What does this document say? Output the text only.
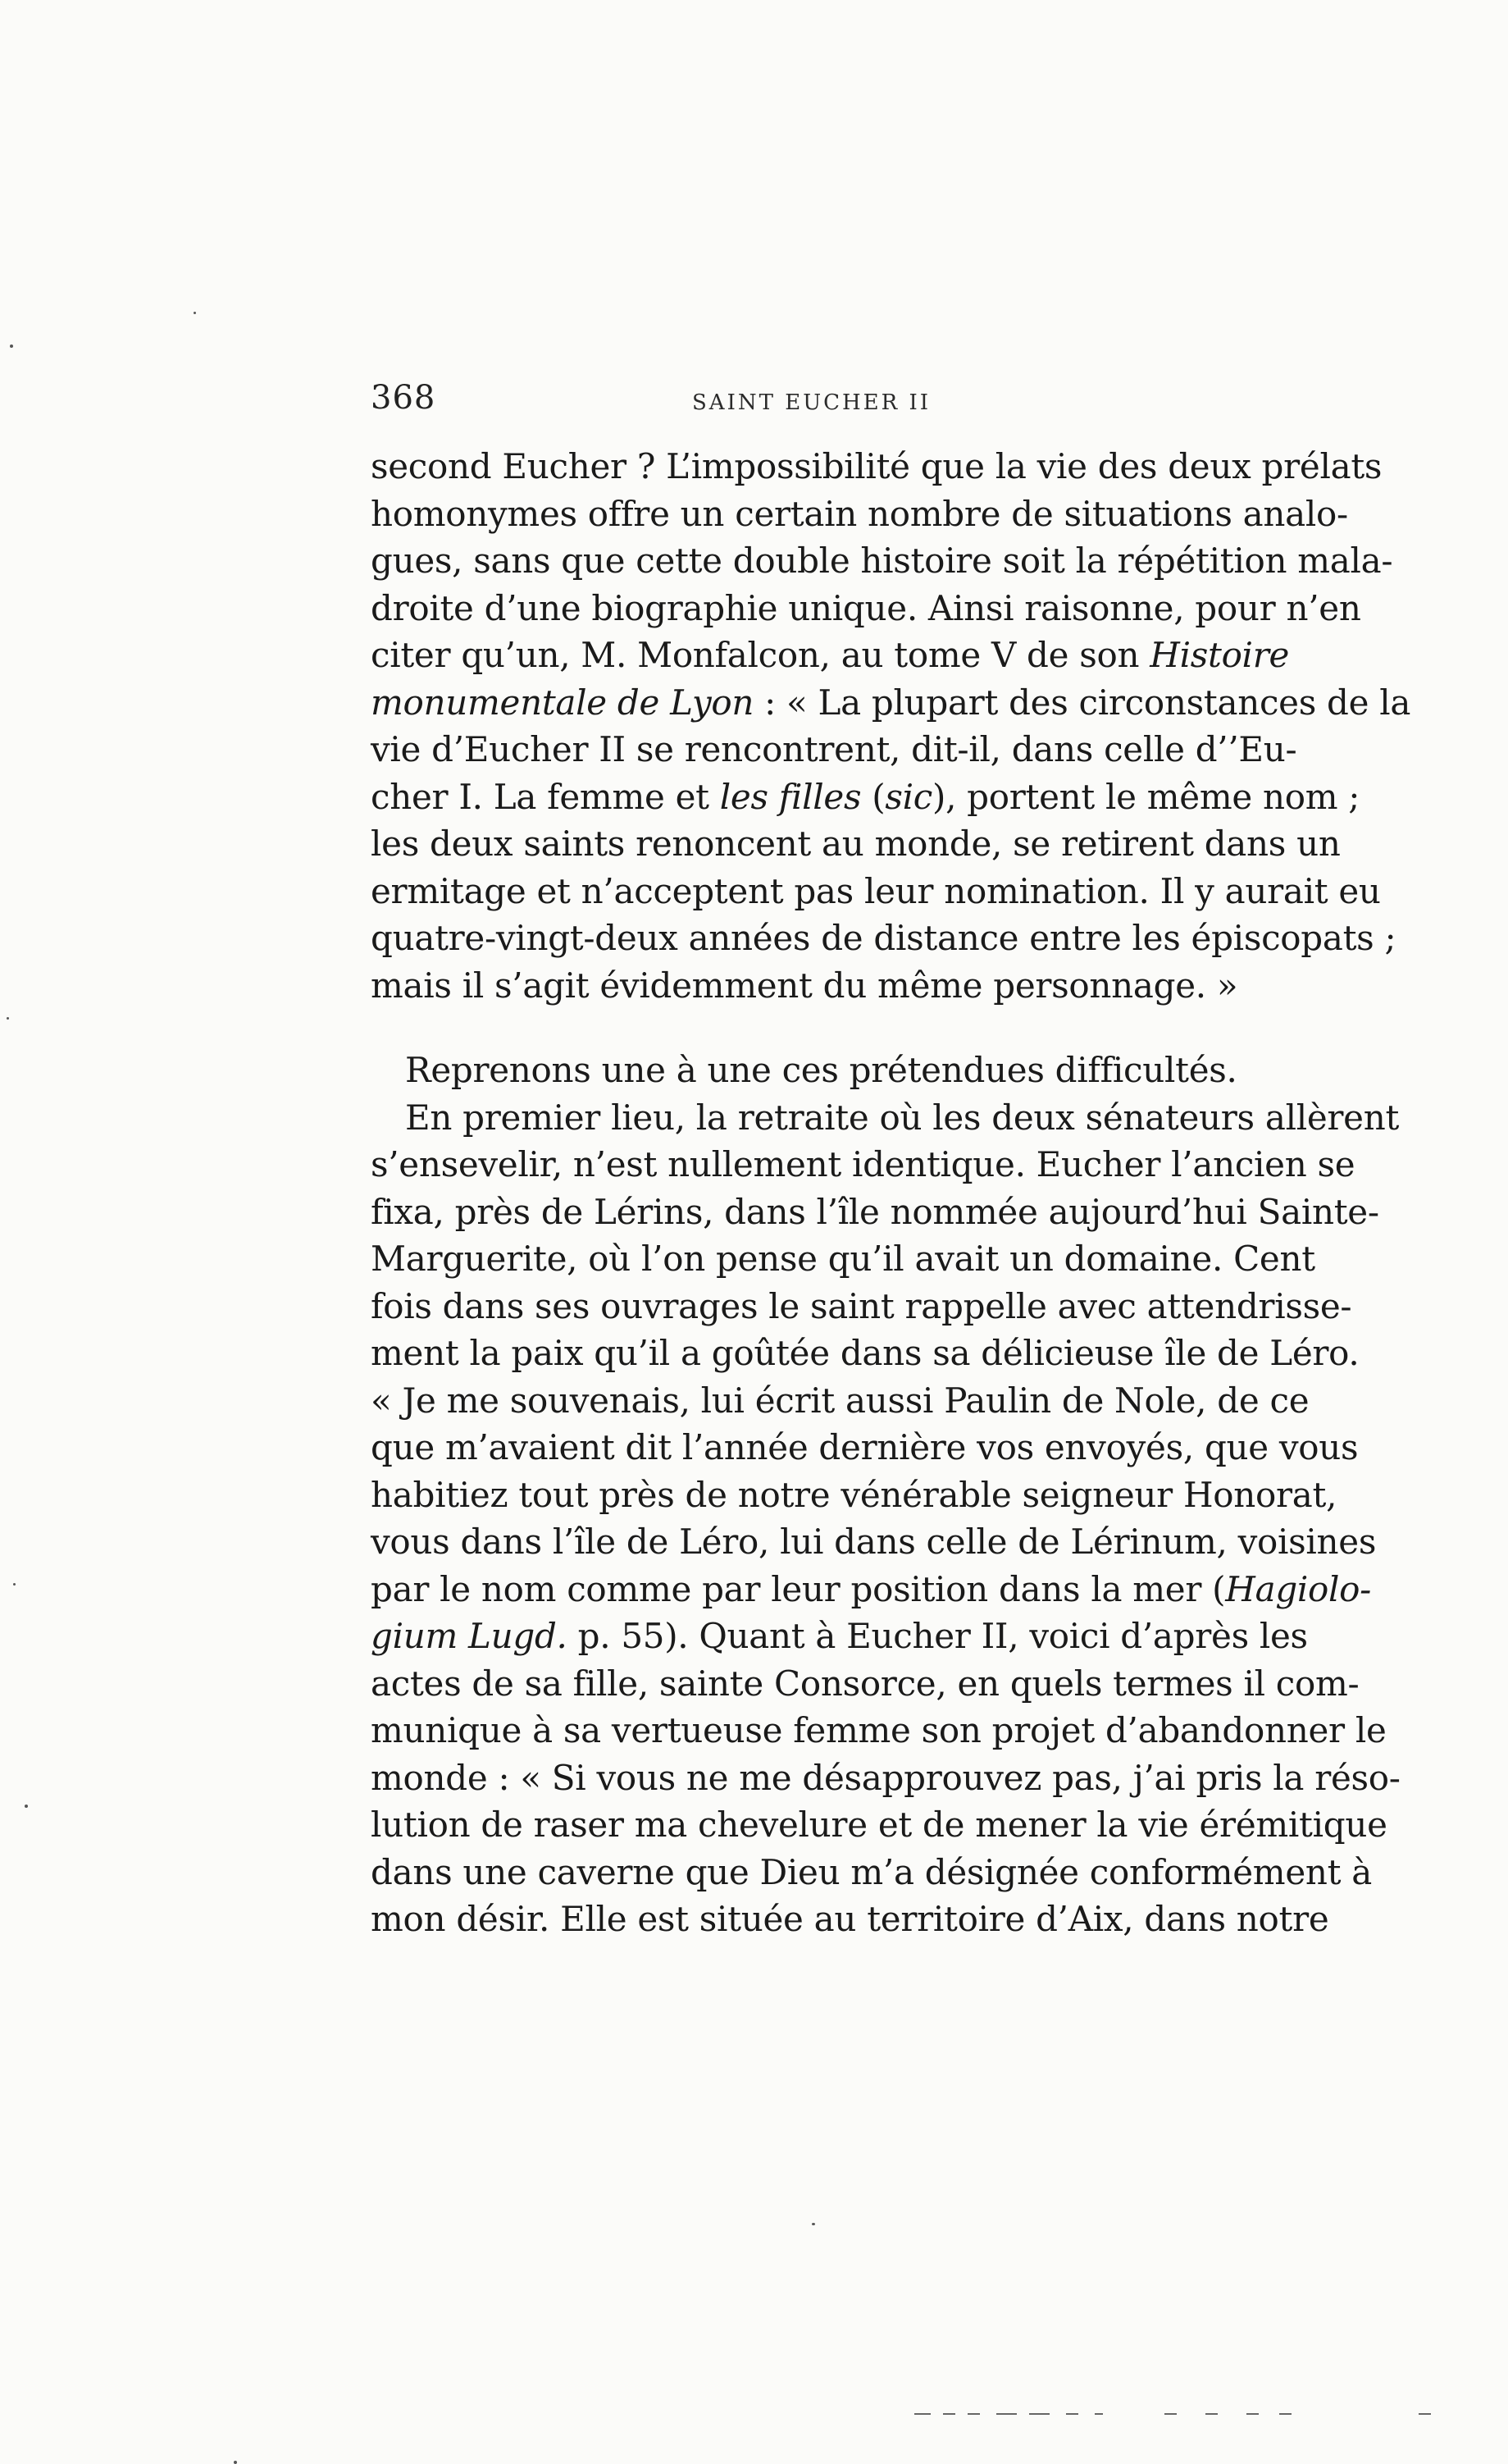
368	SAINT EUCHER II
second Eucher ? L’impossibilité que la vie des deux prélats
homonymes offre un certain nombre de situations analo-
gues, sans que cette double histoire soit la répétition mala-
droite d’une biographie unique. Ainsi raisonne, pour n’en
citer qu’un, M. Monfalcon, au tome V de son Histoire
monumentale de Lyon : « La plupart des circonstances de la
vie d’Eucher II se rencontrent, dit-il, dans celle d’’Eu-
cher I. La femme et les filles (sic), portent le même nom ;
les deux saints renoncent au monde, se retirent dans un
ermitage et n’acceptent pas leur nomination. Il y aurait eu
quatre-vingt-deux années de distance entre les épiscopats ;
mais il s’agit évidemment du même personnage. »
Reprenons une à une ces prétendues difficultés.
En premier lieu, la retraite où les deux sénateurs allèrent
s’ensevelir, n’est nullement identique. Eucher l’ancien se
fixa, près de Lérins, dans l’île nommée aujourd’hui Sainte-
Marguerite, où l’on pense qu’il avait un domaine. Cent
fois dans ses ouvrages le saint rappelle avec attendrisse-
ment la paix qu’il a goûtée dans sa délicieuse île de Léro.
« Je me souvenais, lui écrit aussi Paulin de Nole, de ce
que m’avaient dit l’année dernière vos envoyés, que vous
habitiez tout près de notre vénérable seigneur Honorat,
vous dans l’île de Léro, lui dans celle de Lérinum, voisines
par le nom comme par leur position dans la mer (Hagiolo-
gium Lugd. p. 55). Quant à Eucher II, voici d’après les
actes de sa fille, sainte Consorce, en quels termes il com-
munique à sa vertueuse femme son projet d’abandonner le
monde : « Si vous ne me désapprouvez pas, j’ai pris la réso-
lution de raser ma chevelure et de mener la vie érémitique
dans une caverne que Dieu m’a désignée conformément à
mon désir. Elle est située au territoire d’Aix, dans notre
